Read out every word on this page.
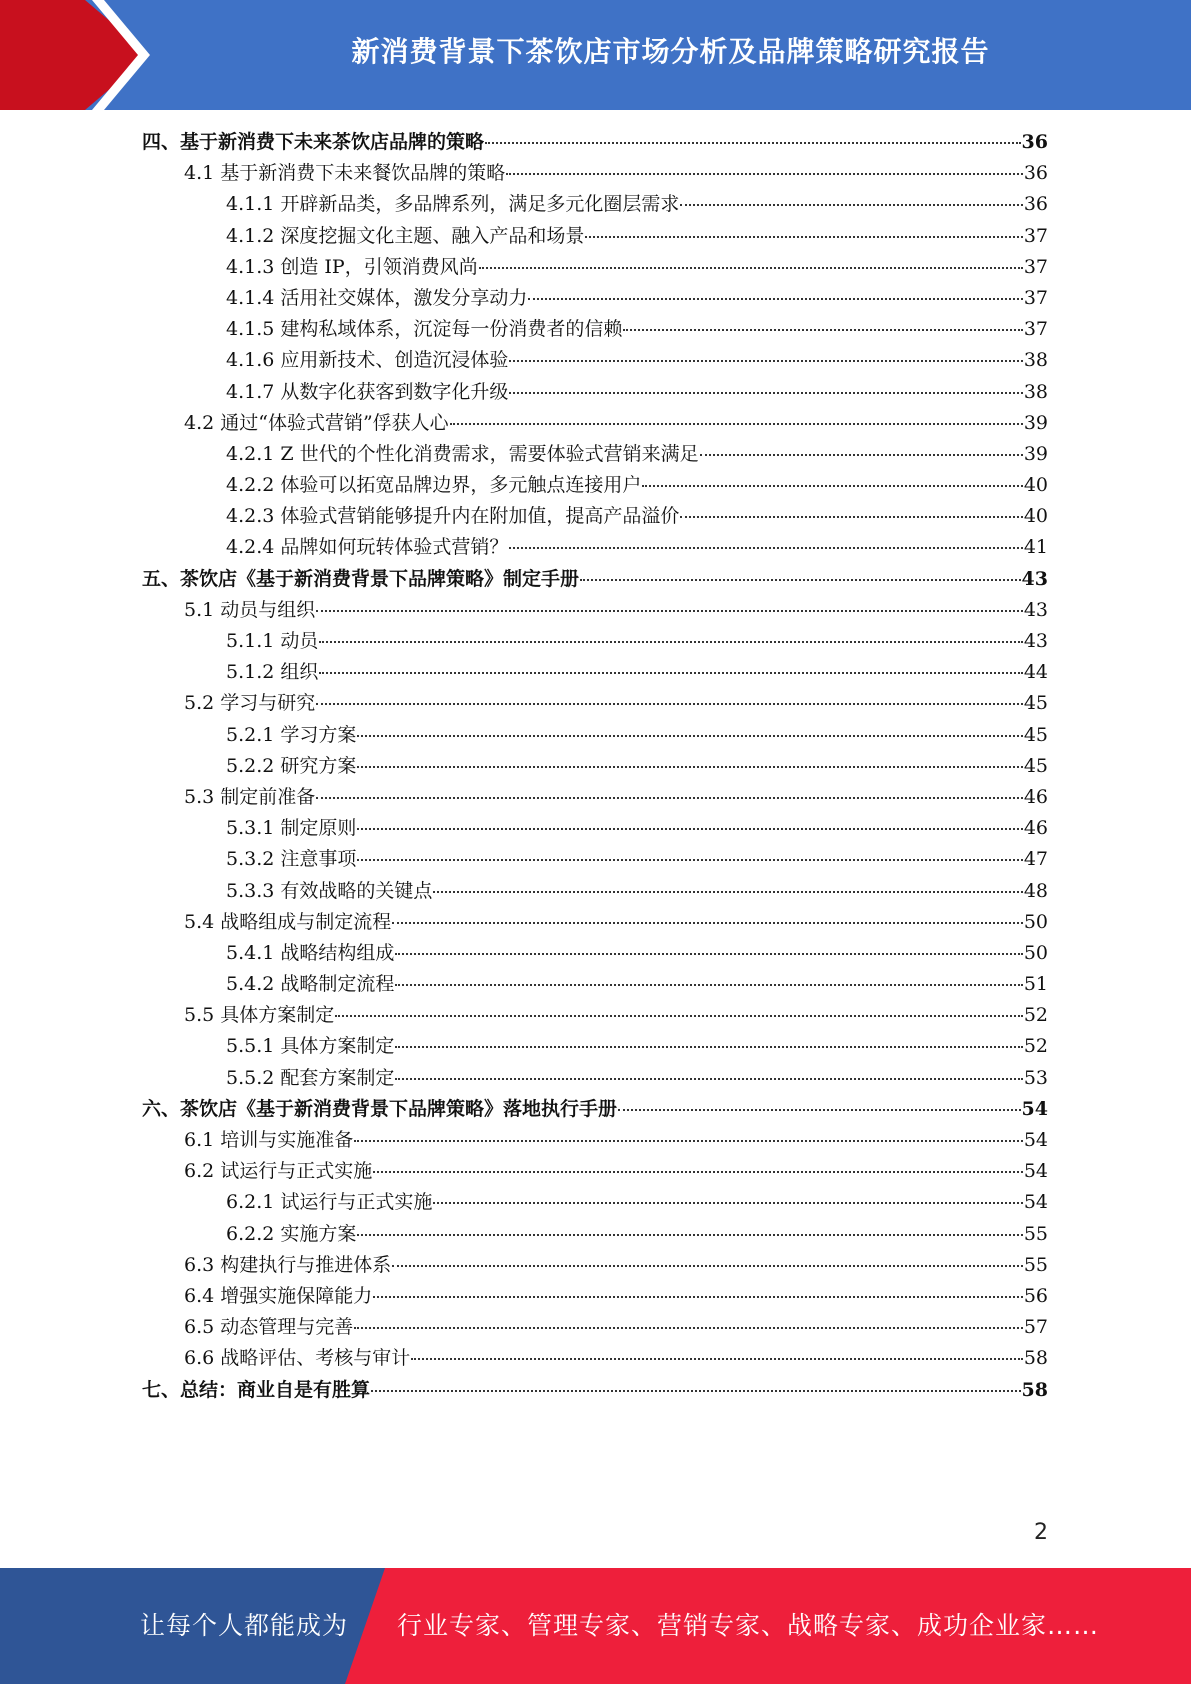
新消费背景下茶饮店市场分析及品牌策略研究报告
四、基于新消费下未来茶饮店品牌的策略	36
4.1 基于新消费下未来餐饮品牌的策略	36
4.1.1 开辟新品类，多品牌系列，满足多元化圈层需求	36
4.1.2 深度挖掘文化主题、融入产品和场景	37
4.1.3 创造 IP，引领消费风尚	37
4.1.4 活用社交媒体，激发分享动力	37
4.1.5 建构私域体系，沉淀每一份消费者的信赖	37
4.1.6 应用新技术、创造沉浸体验	38
4.1.7 从数字化获客到数字化升级	38
4.2 通过“体验式营销”俘获人心	39
4.2.1 Z 世代的个性化消费需求，需要体验式营销来满足	39
4.2.2 体验可以拓宽品牌边界，多元触点连接用户	40
4.2.3 体验式营销能够提升内在附加值，提高产品溢价	40
4.2.4 品牌如何玩转体验式营销？	41
五、茶饮店《基于新消费背景下品牌策略》制定手册	43
5.1 动员与组织	43
5.1.1 动员	43
5.1.2 组织	44
5.2 学习与研究	45
5.2.1 学习方案	45
5.2.2 研究方案	45
5.3 制定前准备	46
5.3.1 制定原则	46
5.3.2 注意事项	47
5.3.3 有效战略的关键点	48
5.4 战略组成与制定流程	50
5.4.1 战略结构组成	50
5.4.2 战略制定流程	51
5.5 具体方案制定	52
5.5.1 具体方案制定	52
5.5.2 配套方案制定	53
六、茶饮店《基于新消费背景下品牌策略》落地执行手册	54
6.1 培训与实施准备	54
6.2 试运行与正式实施	54
6.2.1 试运行与正式实施	54
6.2.2 实施方案	55
6.3 构建执行与推进体系	55
6.4 增强实施保障能力	56
6.5 动态管理与完善	57
6.6 战略评估、考核与审计	58
七、总结：商业自是有胜算	58
2
让每个人都能成为 行业专家、管理专家、营销专家、战略专家、成功企业家……
